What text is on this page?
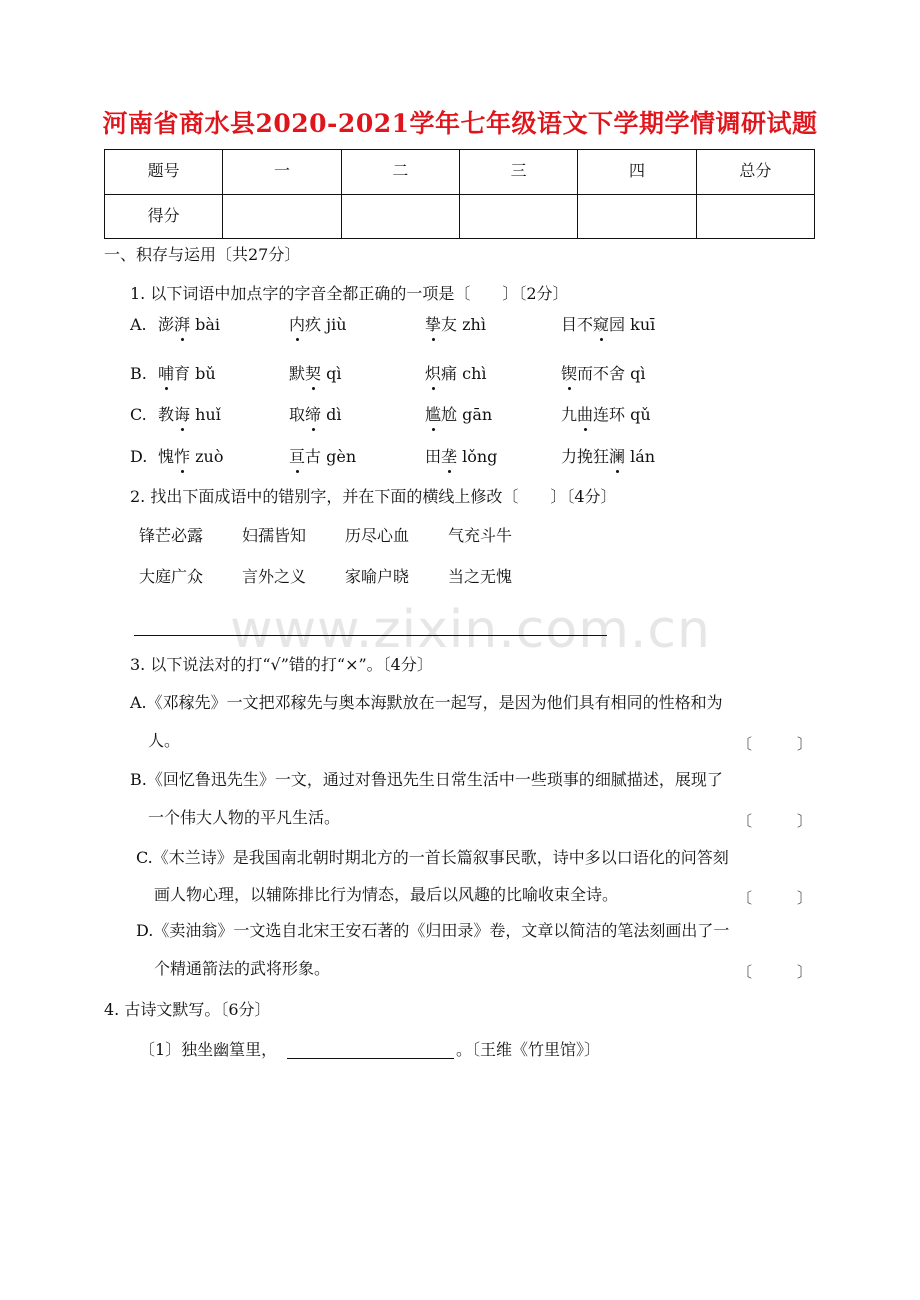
河南省商水县2020-2021学年七年级语文下学期学情调研试题
题号	一	二	三	四	总分
得分					
一、积存与运用〔共27分〕
1. 以下词语中加点字的字音全都正确的一项是〔　　〕〔2分〕
A. 澎湃 bài	内疚 jiù	挚友 zhì	目不窥园 kuī
B. 哺育 bǔ	默契 qì	炽痛 chì	锲而不舍 qì
C. 教诲 huǐ	取缔 dì	尴尬 gān	九曲连环 qǔ
D. 愧怍 zuò	亘古 gèn	田垄 lǒng	力挽狂澜 lán
2. 找出下面成语中的错别字，并在下面的横线上修改〔　　〕〔4分〕
锋芒必露 妇孺皆知 历尽心血 气充斗牛
大庭广众 言外之义 家喻户晓 当之无愧
www.zixin.com.cn
3. 以下说法对的打“√”错的打“×”。〔4分〕
A.《邓稼先》一文把邓稼先与奥本海默放在一起写，是因为他们具有相同的性格和为
人。	〔　　　〕
B.《回忆鲁迅先生》一文，通过对鲁迅先生日常生活中一些琐事的细腻描述，展现了
一个伟大人物的平凡生活。	〔　　　〕
C.《木兰诗》是我国南北朝时期北方的一首长篇叙事民歌，诗中多以口语化的问答刻
画人物心理，以辅陈排比行为情态，最后以风趣的比喻收束全诗。	〔　　　〕
D.《卖油翁》一文选自北宋王安石著的《归田录》卷，文章以简洁的笔法刻画出了一
个精通箭法的武将形象。	〔　　　〕
4. 古诗文默写。〔6分〕
〔1〕独坐幽篁里，	。〔王维《竹里馆》〕
